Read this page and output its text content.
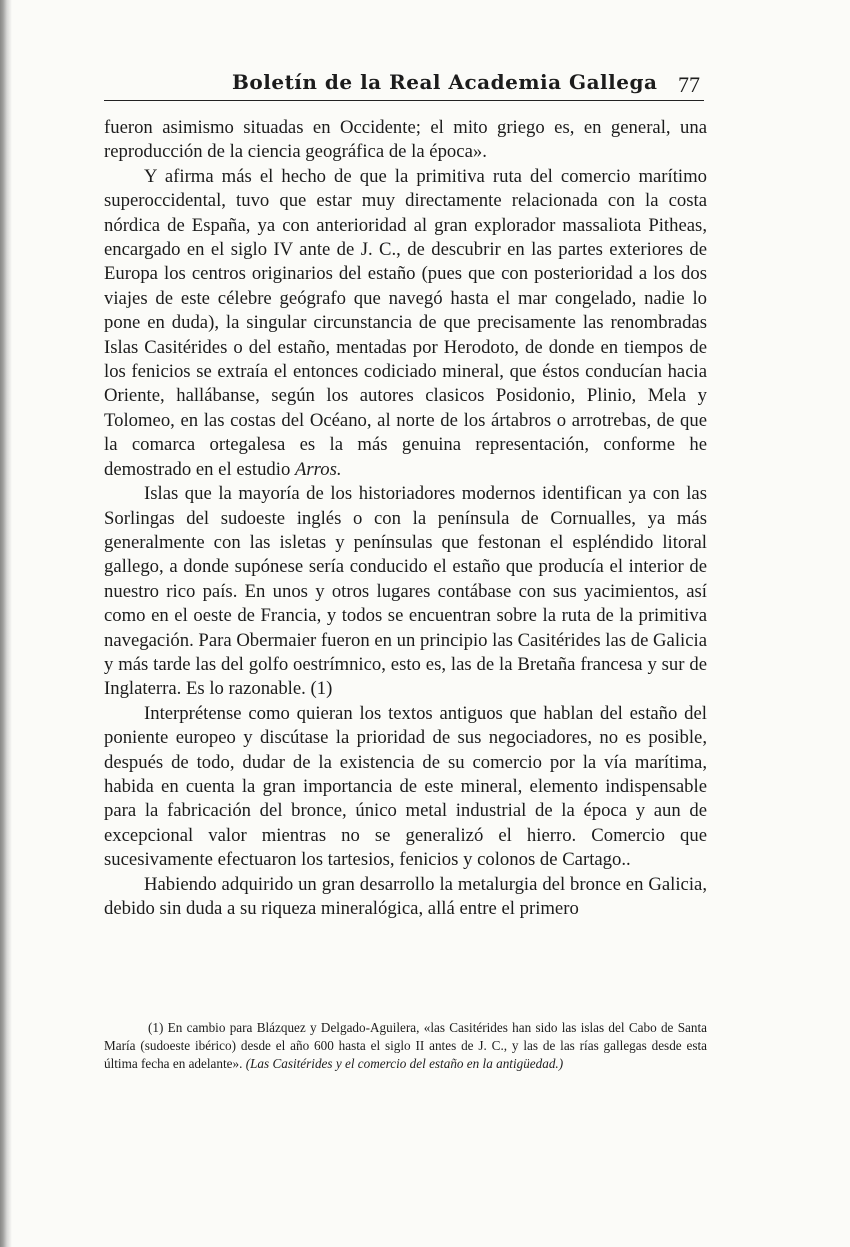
Boletín de la Real Academia Gallega 77

fueron asimismo situadas en Occidente; el mito griego es, en general, una reproducción de la ciencia geográfica de la época».

Y afirma más el hecho de que la primitiva ruta del comercio marítimo superoccidental, tuvo que estar muy directamente relacionada con la costa nórdica de España, ya con anterioridad al gran explorador massaliota Pitheas, encargado en el siglo IV ante de J. C., de descubrir en las partes exteriores de Europa los centros originarios del estaño (pues que con posterioridad a los dos viajes de este célebre geógrafo que navegó hasta el mar congelado, nadie lo pone en duda), la singular circunstancia de que precisamente las renombradas Islas Casitérides o del estaño, mentadas por Herodoto, de donde en tiempos de los fenicios se extraía el entonces codiciado mineral, que éstos conducían hacia Oriente, hallábanse, según los autores clasicos Posidonio, Plinio, Mela y Tolomeo, en las costas del Océano, al norte de los ártabros o arrotrebas, de que la comarca ortegalesa es la más genuina representación, conforme he demostrado en el estudio Arros.

Islas que la mayoría de los historiadores modernos identifican ya con las Sorlingas del sudoeste inglés o con la península de Cornualles, ya más generalmente con las isletas y penínsulas que festonan el espléndido litoral gallego, a donde supónese sería conducido el estaño que producía el interior de nuestro rico país. En unos y otros lugares contábase con sus yacimientos, así como en el oeste de Francia, y todos se encuentran sobre la ruta de la primitiva navegación. Para Obermaier fueron en un principio las Casitérides las de Galicia y más tarde las del golfo oestrímnico, esto es, las de la Bretaña francesa y sur de Inglaterra. Es lo razonable. (1)

Interprétense como quieran los textos antiguos que hablan del estaño del poniente europeo y discútase la prioridad de sus negociadores, no es posible, después de todo, dudar de la existencia de su comercio por la vía marítima, habida en cuenta la gran importancia de este mineral, elemento indispensable para la fabricación del bronce, único metal industrial de la época y aun de excepcional valor mientras no se generalizó el hierro. Comercio que sucesivamente efectuaron los tartesios, fenicios y colonos de Cartago..

Habiendo adquirido un gran desarrollo la metalurgia del bronce en Galicia, debido sin duda a su riqueza mineralógica, allá entre el primero

(1) En cambio para Blázquez y Delgado-Aguilera, «las Casitérides han sido las islas del Cabo de Santa María (sudoeste ibérico) desde el año 600 hasta el siglo II antes de J. C., y las de las rías gallegas desde esta última fecha en adelante». (Las Casitérides y el comercio del estaño en la antigüedad.)
